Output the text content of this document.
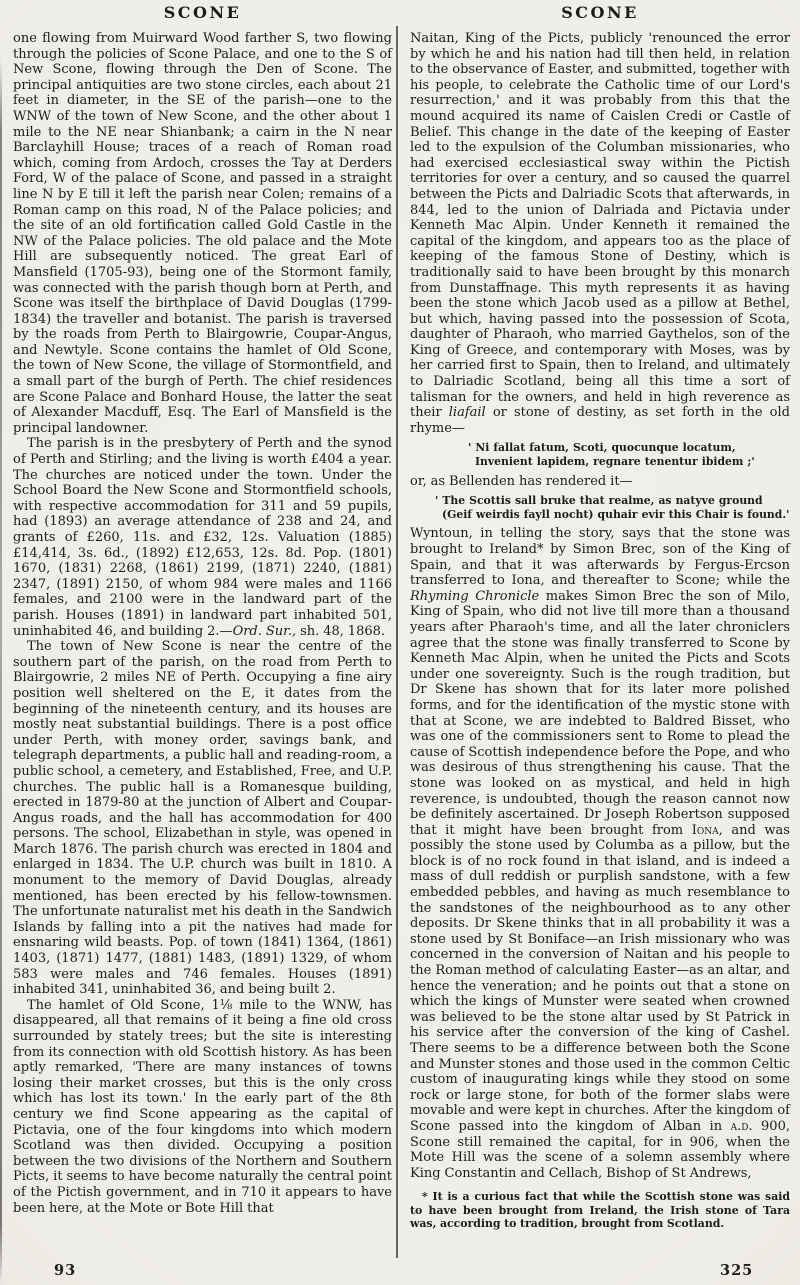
SCONE

one flowing from Muirward Wood farther S, two flowing through the policies of Scone Palace, and one to the S of New Scone, flowing through the Den of Scone. The principal antiquities are two stone circles, each about 21 feet in diameter, in the SE of the parish—one to the WNW of the town of New Scone, and the other about 1 mile to the NE near Shianbank; a cairn in the N near Barclayhill House; traces of a reach of Roman road which, coming from Ardoch, crosses the Tay at Derders Ford, W of the palace of Scone, and passed in a straight line N by E till it left the parish near Colen; remains of a Roman camp on this road, N of the Palace policies; and the site of an old fortification called Gold Castle in the NW of the Palace policies. The old palace and the Mote Hill are subsequently noticed. The great Earl of Mansfield (1705-93), being one of the Stormont family, was connected with the parish though born at Perth, and Scone was itself the birthplace of David Douglas (1799-1834) the traveller and botanist. The parish is traversed by the roads from Perth to Blairgowrie, Coupar-Angus, and Newtyle. Scone contains the hamlet of Old Scone, the town of New Scone, the village of Stormontfield, and a small part of the burgh of Perth. The chief residences are Scone Palace and Bonhard House, the latter the seat of Alexander Macduff, Esq. The Earl of Mansfield is the principal landowner.

The parish is in the presbytery of Perth and the synod of Perth and Stirling; and the living is worth £404 a year. The churches are noticed under the town. Under the School Board the New Scone and Stormontfield schools, with respective accommodation for 311 and 59 pupils, had (1893) an average attendance of 238 and 24, and grants of £260, 11s. and £32, 12s. Valuation (1885) £14,414, 3s. 6d., (1892) £12,653, 12s. 8d. Pop. (1801) 1670, (1831) 2268, (1861) 2199, (1871) 2240, (1881) 2347, (1891) 2150, of whom 984 were males and 1166 females, and 2100 were in the landward part of the parish. Houses (1891) in landward part inhabited 501, uninhabited 46, and building 2.—Ord. Sur., sh. 48, 1868.

The town of New Scone is near the centre of the southern part of the parish, on the road from Perth to Blairgowrie, 2 miles NE of Perth. Occupying a fine airy position well sheltered on the E, it dates from the beginning of the nineteenth century, and its houses are mostly neat substantial buildings. There is a post office under Perth, with money order, savings bank, and telegraph departments, a public hall and reading-room, a public school, a cemetery, and Established, Free, and U.P. churches. The public hall is a Romanesque building, erected in 1879-80 at the junction of Albert and Coupar-Angus roads, and the hall has accommodation for 400 persons. The school, Elizabethan in style, was opened in March 1876. The parish church was erected in 1804 and enlarged in 1834. The U.P. church was built in 1810. A monument to the memory of David Douglas, already mentioned, has been erected by his fellow-townsmen. The unfortunate naturalist met his death in the Sandwich Islands by falling into a pit the natives had made for ensnaring wild beasts. Pop. of town (1841) 1364, (1861) 1403, (1871) 1477, (1881) 1483, (1891) 1329, of whom 583 were males and 746 females. Houses (1891) inhabited 341, uninhabited 36, and being built 2.

The hamlet of Old Scone, 1⅛ mile to the WNW, has disappeared, all that remains of it being a fine old cross surrounded by stately trees; but the site is interesting from its connection with old Scottish history. As has been aptly remarked, 'There are many instances of towns losing their market crosses, but this is the only cross which has lost its town.' In the early part of the 8th century we find Scone appearing as the capital of Pictavia, one of the four kingdoms into which modern Scotland was then divided. Occupying a position between the two divisions of the Northern and Southern Picts, it seems to have become naturally the central point of the Pictish government, and in 710 it appears to have been here, at the Mote or Bote Hill that

SCONE

Naitan, King of the Picts, publicly 'renounced the error by which he and his nation had till then held, in relation to the observance of Easter, and submitted, together with his people, to celebrate the Catholic time of our Lord's resurrection,' and it was probably from this that the mound acquired its name of Caislen Credi or Castle of Belief. This change in the date of the keeping of Easter led to the expulsion of the Columban missionaries, who had exercised ecclesiastical sway within the Pictish territories for over a century, and so caused the quarrel between the Picts and Dalriadic Scots that afterwards, in 844, led to the union of Dalriada and Pictavia under Kenneth Mac Alpin. Under Kenneth it remained the capital of the kingdom, and appears too as the place of keeping of the famous Stone of Destiny, which is traditionally said to have been brought by this monarch from Dunstaffnage. This myth represents it as having been the stone which Jacob used as a pillow at Bethel, but which, having passed into the possession of Scota, daughter of Pharaoh, who married Gaythelos, son of the King of Greece, and contemporary with Moses, was by her carried first to Spain, then to Ireland, and ultimately to Dalriadic Scotland, being all this time a sort of talisman for the owners, and held in high reverence as their liafail or stone of destiny, as set forth in the old rhyme—

' Ni fallat fatum, Scoti, quocunque locatum,
Invenient lapidem, regnare tenentur ibidem ;'

or, as Bellenden has rendered it—

' The Scottis sall bruke that realme, as natyve ground
(Geif weirdis fayll nocht) quhair evir this Chair is found.'

Wyntoun, in telling the story, says that the stone was brought to Ireland* by Simon Brec, son of the King of Spain, and that it was afterwards by Fergus-Ercson transferred to Iona, and thereafter to Scone; while the Rhyming Chronicle makes Simon Brec the son of Milo, King of Spain, who did not live till more than a thousand years after Pharaoh's time, and all the later chroniclers agree that the stone was finally transferred to Scone by Kenneth Mac Alpin, when he united the Picts and Scots under one sovereignty. Such is the rough tradition, but Dr Skene has shown that for its later more polished forms, and for the identification of the mystic stone with that at Scone, we are indebted to Baldred Bisset, who was one of the commissioners sent to Rome to plead the cause of Scottish independence before the Pope, and who was desirous of thus strengthening his cause. That the stone was looked on as mystical, and held in high reverence, is undoubted, though the reason cannot now be definitely ascertained. Dr Joseph Robertson supposed that it might have been brought from Iona, and was possibly the stone used by Columba as a pillow, but the block is of no rock found in that island, and is indeed a mass of dull reddish or purplish sandstone, with a few embedded pebbles, and having as much resemblance to the sandstones of the neighbourhood as to any other deposits. Dr Skene thinks that in all probability it was a stone used by St Boniface—an Irish missionary who was concerned in the conversion of Naitan and his people to the Roman method of calculating Easter—as an altar, and hence the veneration; and he points out that a stone on which the kings of Munster were seated when crowned was believed to be the stone altar used by St Patrick in his service after the conversion of the king of Cashel. There seems to be a difference between both the Scone and Munster stones and those used in the common Celtic custom of inaugurating kings while they stood on some rock or large stone, for both of the former slabs were movable and were kept in churches. After the kingdom of Scone passed into the kingdom of Alban in a.d. 900, Scone still remained the capital, for in 906, when the Mote Hill was the scene of a solemn assembly where King Constantin and Cellach, Bishop of St Andrews,

* It is a curious fact that while the Scottish stone was said to have been brought from Ireland, the Irish stone of Tara was, according to tradition, brought from Scotland.
93	325
